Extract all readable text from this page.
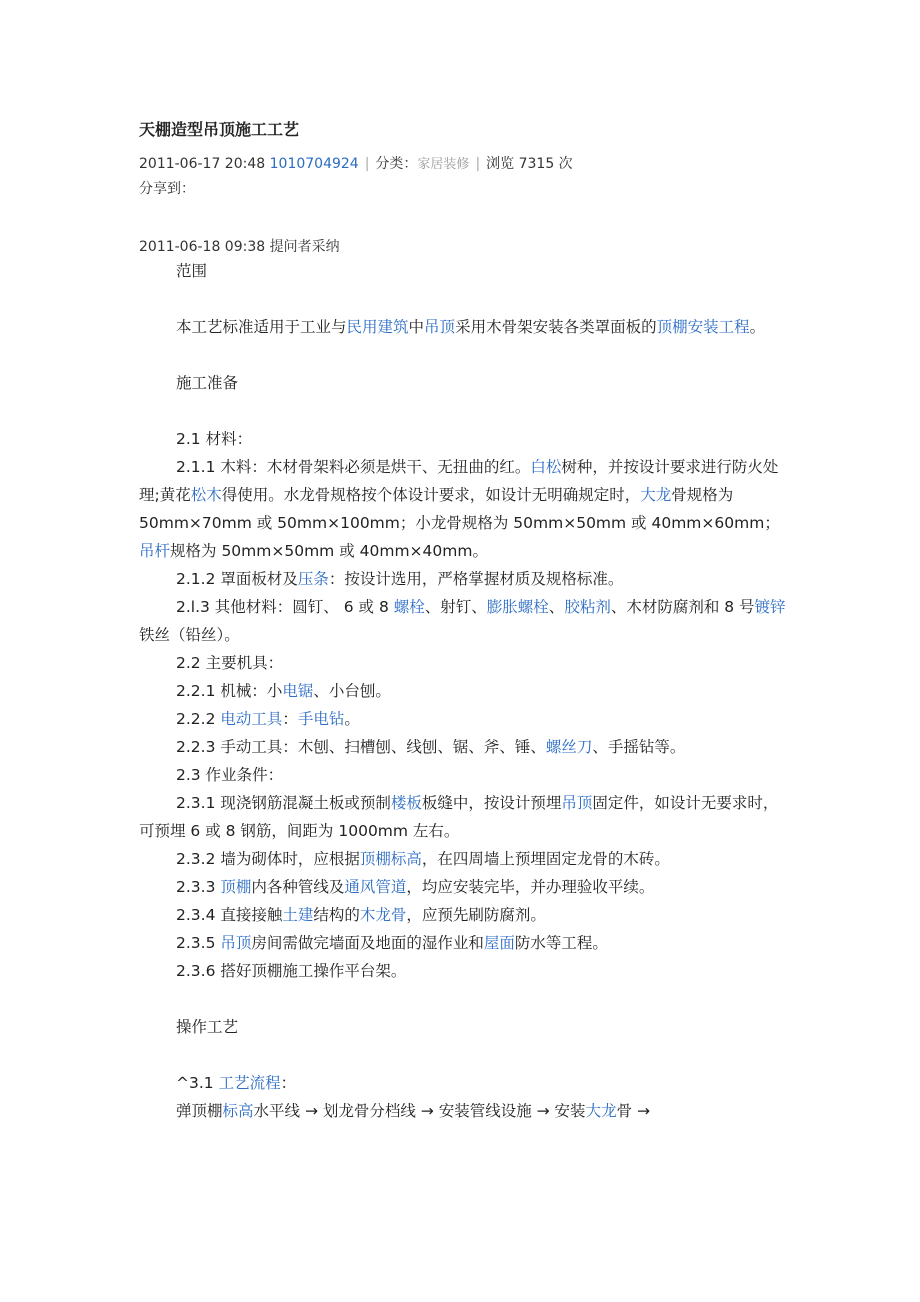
天棚造型吊顶施工工艺
2011-06-17 20:48 1010704924 | 分类：家居装修 | 浏览 7315 次
分享到：
2011-06-18 09:38 提问者采纳

范围

本工艺标准适用于工业与民用建筑中吊顶采用木骨架安装各类罩面板的顶棚安装工程。

施工准备

2.1 材料：

2.1.1 木料：木材骨架料必须是烘干、无扭曲的红。白松树种，并按设计要求进行防火处理;黄花松木得使用。水龙骨规格按个体设计要求，如设计无明确规定时，大龙骨规格为 50mm×70mm 或 50mm×100mm；小龙骨规格为 50mm×50mm 或 40mm×60mm；吊杆规格为 50mm×50mm 或 40mm×40mm。

2.1.2 罩面板材及压条：按设计选用，严格掌握材质及规格标准。

2.l.3 其他材料：圆钉、 6 或 8 螺栓、射钉、膨胀螺栓、胶粘剂、木材防腐剂和 8 号镀锌铁丝（铅丝）。

2.2 主要机具：

2.2.1 机械：小电锯、小台刨。

2.2.2 电动工具：手电钻。

2.2.3 手动工具：木刨、扫槽刨、线刨、锯、斧、锤、螺丝刀、手摇钻等。

2.3 作业条件：

2.3.1 现浇钢筋混凝土板或预制楼板板缝中，按设计预埋吊顶固定件，如设计无要求时，可预埋 6 或 8 钢筋，间距为 1000mm 左右。

2.3.2 墙为砌体时，应根据顶棚标高，在四周墙上预埋固定龙骨的木砖。

2.3.3 顶棚内各种管线及通风管道，均应安装完毕，并办理验收平续。

2.3.4 直接接触土建结构的木龙骨，应预先刷防腐剂。

2.3.5 吊顶房间需做完墙面及地面的湿作业和屋面防水等工程。

2.3.6 搭好顶棚施工操作平台架。

操作工艺

^3.1 工艺流程：

弹顶棚标高水平线 → 划龙骨分档线 → 安装管线设施 → 安装大龙骨 →
